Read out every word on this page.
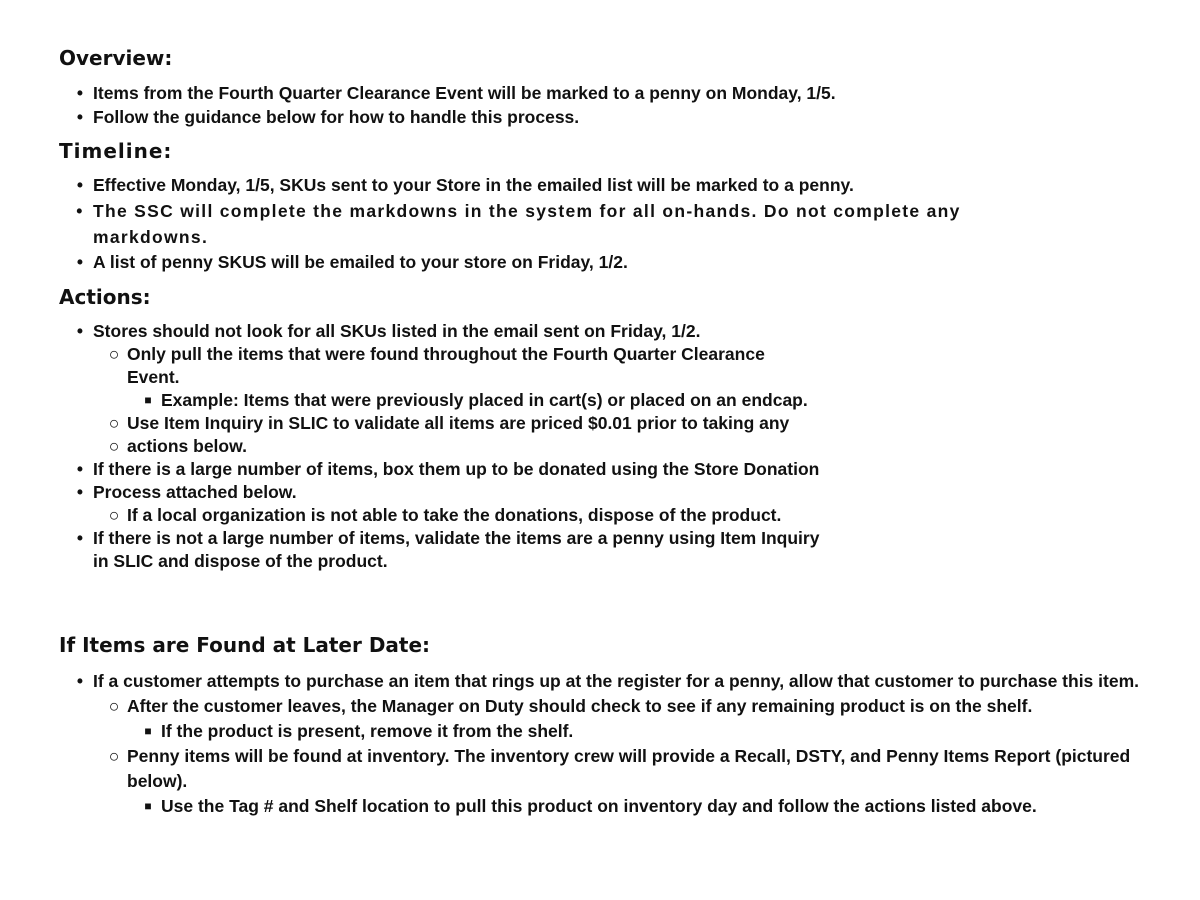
Overview:
• Items from the Fourth Quarter Clearance Event will be marked to a penny on Monday, 1/5.
• Follow the guidance below for how to handle this process.
Timeline:
• Effective Monday, 1/5, SKUs sent to your Store in the emailed list will be marked to a penny.
• The SSC will complete the markdowns in the system for all on-hands. Do not complete any markdowns.
• A list of penny SKUS will be emailed to your store on Friday, 1/2.
Actions:
• Stores should not look for all SKUs listed in the email sent on Friday, 1/2.
○ Only pull the items that were found throughout the Fourth Quarter Clearance
Event.
■ Example: Items that were previously placed in cart(s) or placed on an endcap.
○ Use Item Inquiry in SLIC to validate all items are priced $0.01 prior to taking any
○ actions below.
• If there is a large number of items, box them up to be donated using the Store Donation
• Process attached below.
○ If a local organization is not able to take the donations, dispose of the product.
• If there is not a large number of items, validate the items are a penny using Item Inquiry
in SLIC and dispose of the product.
If Items are Found at Later Date:
• If a customer attempts to purchase an item that rings up at the register for a penny, allow that customer to purchase this item.
○ After the customer leaves, the Manager on Duty should check to see if any remaining product is on the shelf.
■ If the product is present, remove it from the shelf.
○ Penny items will be found at inventory. The inventory crew will provide a Recall, DSTY, and Penny Items Report (pictured below).
■ Use the Tag # and Shelf location to pull this product on inventory day and follow the actions listed above.
